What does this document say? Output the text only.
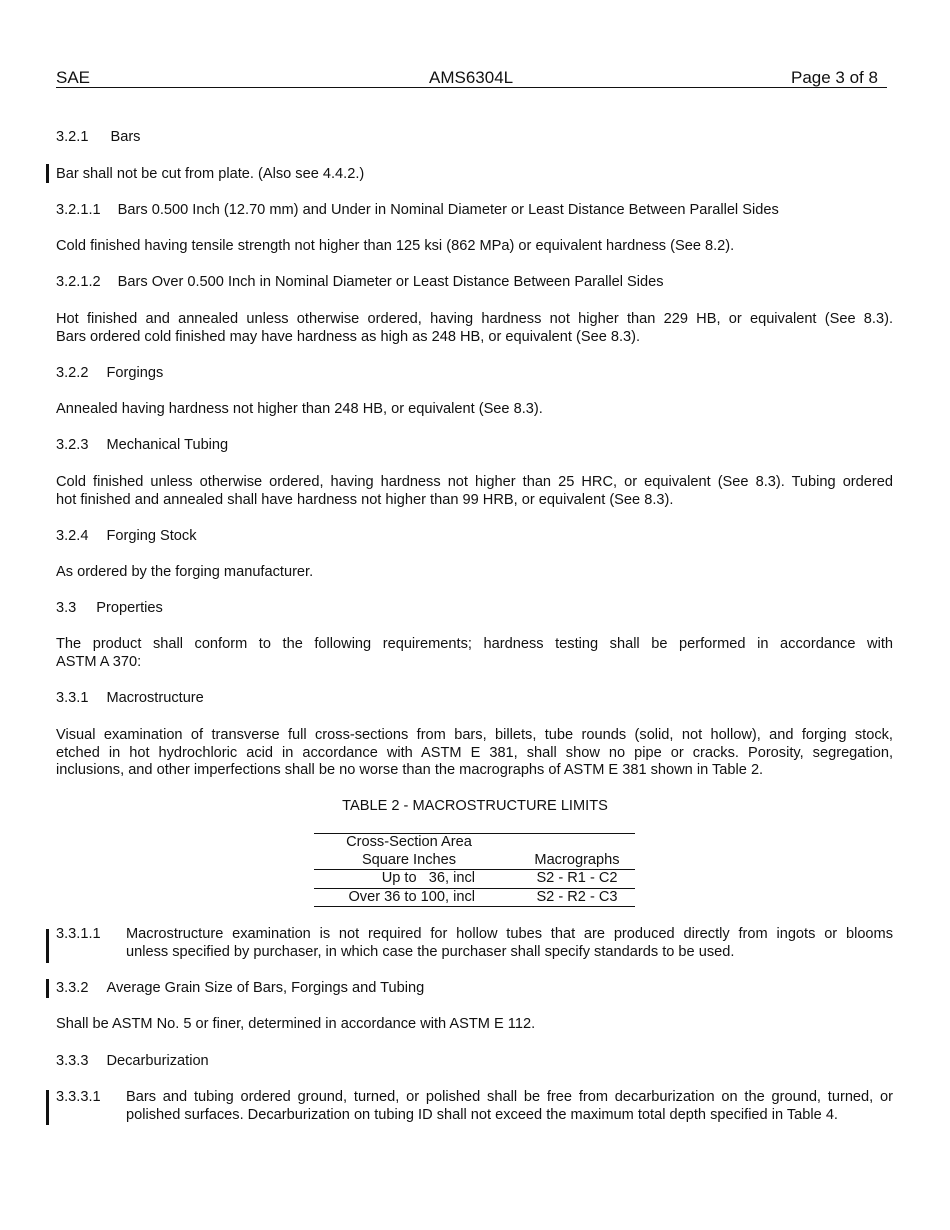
SAE	AMS6304L	Page 3 of 8
3.2.1 Bars
Bar shall not be cut from plate. (Also see 4.4.2.)
3.2.1.1 Bars 0.500 Inch (12.70 mm) and Under in Nominal Diameter or Least Distance Between Parallel Sides
Cold finished having tensile strength not higher than 125 ksi (862 MPa) or equivalent hardness (See 8.2).
3.2.1.2 Bars Over 0.500 Inch in Nominal Diameter or Least Distance Between Parallel Sides
Hot finished and annealed unless otherwise ordered, having hardness not higher than 229 HB, or equivalent (See 8.3).
Bars ordered cold finished may have hardness as high as 248 HB, or equivalent (See 8.3).
3.2.2 Forgings
Annealed having hardness not higher than 248 HB, or equivalent (See 8.3).
3.2.3 Mechanical Tubing
Cold finished unless otherwise ordered, having hardness not higher than 25 HRC, or equivalent (See 8.3). Tubing ordered
hot finished and annealed shall have hardness not higher than 99 HRB, or equivalent (See 8.3).
3.2.4 Forging Stock
As ordered by the forging manufacturer.
3.3 Properties
The product shall conform to the following requirements; hardness testing shall be performed in accordance with
ASTM A 370:
3.3.1 Macrostructure
Visual examination of transverse full cross-sections from bars, billets, tube rounds (solid, not hollow), and forging stock,
etched in hot hydrochloric acid in accordance with ASTM E 381, shall show no pipe or cracks. Porosity, segregation,
inclusions, and other imperfections shall be no worse than the macrographs of ASTM E 381 shown in Table 2.
TABLE 2 - MACROSTRUCTURE LIMITS
Cross-Section Area	
Square Inches	Macrographs
Up to   36, incl	S2 - R1 - C2
Over 36 to 100, incl	S2 - R2 - C3
3.3.1.1 Macrostructure examination is not required for hollow tubes that are produced directly from ingots or blooms
unless specified by purchaser, in which case the purchaser shall specify standards to be used.
3.3.2 Average Grain Size of Bars, Forgings and Tubing
Shall be ASTM No. 5 or finer, determined in accordance with ASTM E 112.
3.3.3 Decarburization
3.3.3.1 Bars and tubing ordered ground, turned, or polished shall be free from decarburization on the ground, turned, or
polished surfaces. Decarburization on tubing ID shall not exceed the maximum total depth specified in Table 4.
